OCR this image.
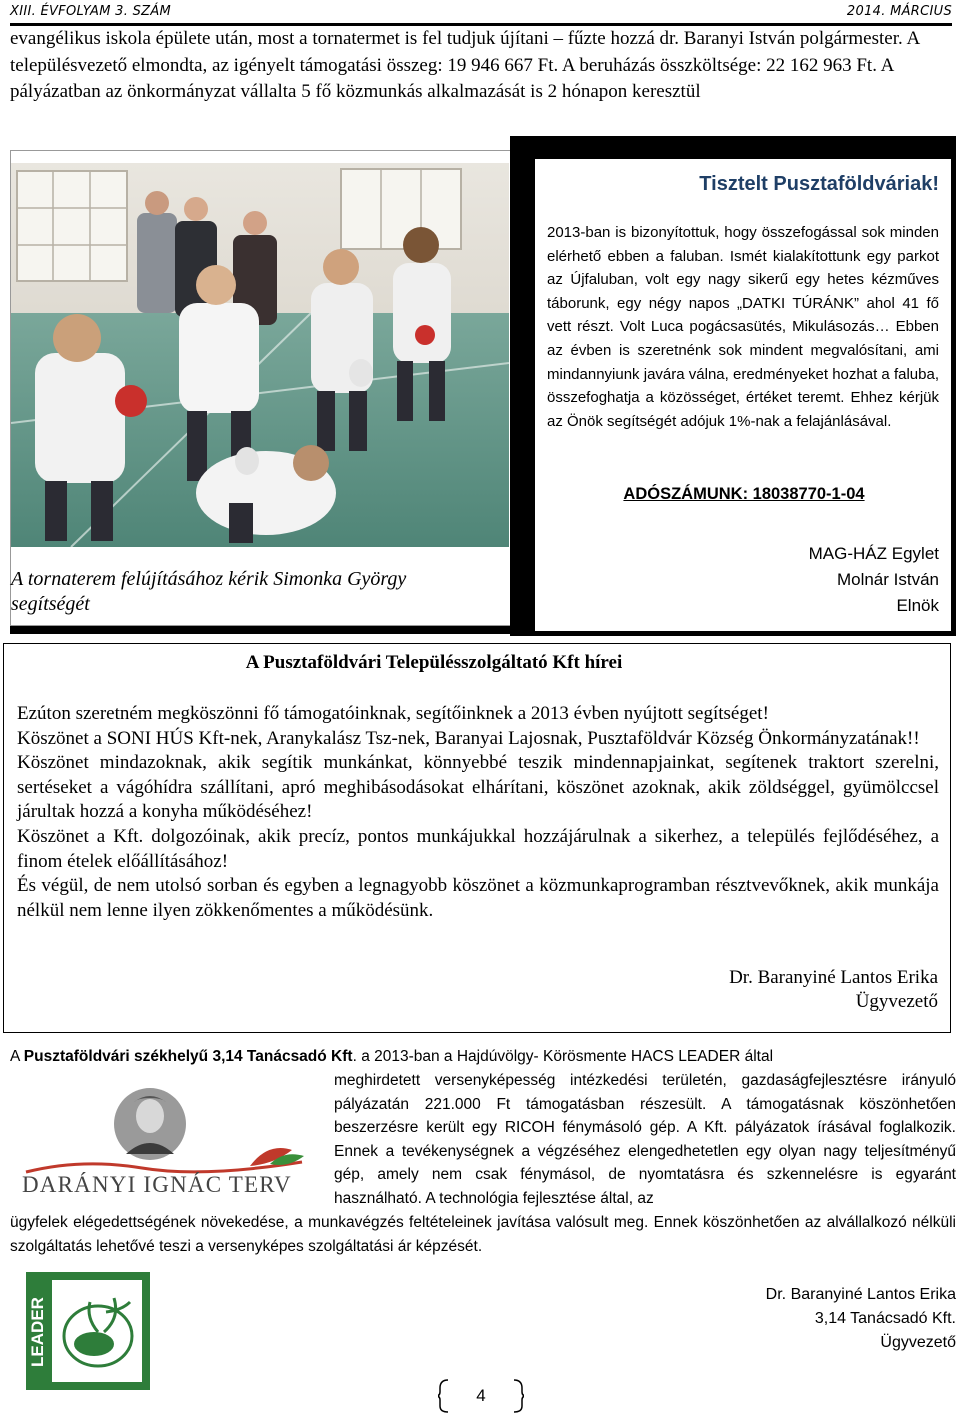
XIII. ÉVFOLYAM 3. SZÁM	2014. MÁRCIUS
evangélikus iskola épülete után, most a tornatermet is fel tudjuk újítani – fűzte hozzá dr. Baranyi István polgármester. A településvezető elmondta, az igényelt támogatási összeg: 19 946 667 Ft. A beruházás összköltsége: 22 162 963 Ft. A pályázatban az önkormányzat vállalta 5 fő közmunkás alkalmazását is 2 hónapon keresztül
A tornaterem felújításához kérik Simonka György segítségét
Tisztelt Pusztaföldváriak!
2013-ban is bizonyítottuk, hogy összefogással sok minden elérhető ebben a faluban. Ismét kialakítottunk egy parkot az Újfaluban, volt egy nagy sikerű egy hetes kézműves táborunk, egy négy napos „DATKI TÚRÁNK” ahol 41 fő vett részt. Volt Luca pogácsasütés, Mikulásozás… Ebben az évben is szeretnénk sok mindent megvalósítani, ami mindannyiunk javára válna, eredményeket hozhat a faluba, összefoghatja a közösséget, értéket teremt. Ehhez kérjük az Önök segítségét adójuk 1%-nak a felajánlásával.
ADÓSZÁMUNK: 18038770-1-04
MAG-HÁZ Egylet
Molnár István
Elnök
A Pusztaföldvári Településszolgáltató Kft hírei

Ezúton szeretném megköszönni fő támogatóinknak, segítőinknek a 2013 évben nyújtott segítséget!

Köszönet a SONI HÚS Kft-nek, Aranykalász Tsz-nek, Baranyai Lajosnak, Pusztaföldvár Község Önkormányzatának!!

Köszönet mindazoknak, akik segítik munkánkat, könnyebbé teszik mindennapjainkat, segítenek traktort szerelni, sertéseket a vágóhídra szállítani, apró meghibásodásokat elhárítani, köszönet azoknak, akik zöldséggel, gyümölccsel járultak hozzá a konyha működéséhez!

Köszönet a Kft. dolgozóinak, akik precíz, pontos munkájukkal hozzájárulnak a sikerhez, a település fejlődéséhez, a finom ételek előállításához!

És végül, de nem utolsó sorban és egyben a legnagyobb köszönet a közmunkaprogramban résztvevőknek, akik munkája nélkül nem lenne ilyen zökkenőmentes a működésünk.

Dr. Baranyiné Lantos Erika
Ügyvezető
A Pusztaföldvári székhelyű 3,14 Tanácsadó Kft. a 2013-ban a Hajdúvölgy- Körösmente HACS LEADER által
meghirdetett versenyképesség intézkedési területén, gazdaságfejlesztésre irányuló pályázatán 221.000 Ft támogatásban részesült. A támogatásnak köszönhetően beszerzésre került egy RICOH fénymásoló gép. A Kft. pályázatok írásával foglalkozik. Ennek a tevékenységnek a végzéséhez elengedhetetlen egy olyan nagy teljesítményű gép, amely nem csak fénymásol, de nyomtatásra és szkennelésre is egyaránt használható. A technológia fejlesztése által, az
ügyfelek elégedettségének növekedése, a munkavégzés feltételeinek javítása valósult meg. Ennek köszönhetően az alvállalkozó nélküli szolgáltatás lehetővé teszi a versenyképes szolgáltatási ár képzését.
DARÁNYI IGNÁC TERV
Dr. Baranyiné Lantos Erika
3,14 Tanácsadó Kft.
Ügyvezető
LEADER
4
